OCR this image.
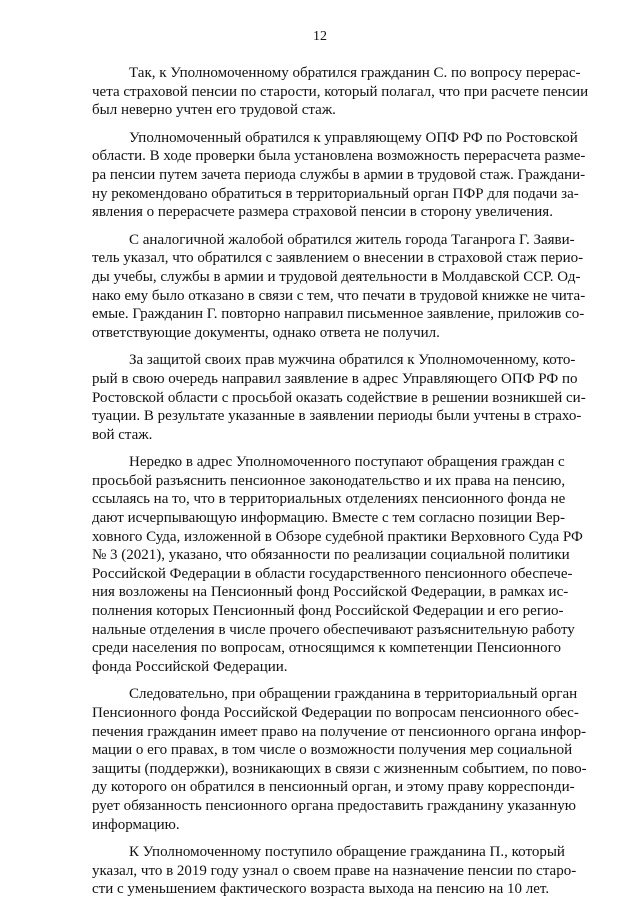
12

Так, к Уполномоченному обратился гражданин С. по вопросу перерас-
чета страховой пенсии по старости, который полагал, что при расчете пенсии
был неверно учтен его трудовой стаж.

Уполномоченный обратился к управляющему ОПФ РФ по Ростовской
области. В ходе проверки была установлена возможность перерасчета разме-
ра пенсии путем зачета периода службы в армии в трудовой стаж. Граждани-
ну рекомендовано обратиться в территориальный орган ПФР для подачи за-
явления о перерасчете размера страховой пенсии в сторону увеличения.

С аналогичной жалобой обратился житель города Таганрога Г. Заяви-
тель указал, что обратился с заявлением о внесении в страховой стаж перио-
ды учебы, службы в армии и трудовой деятельности в Молдавской ССР. Од-
нако ему было отказано в связи с тем, что печати в трудовой книжке не чита-
емые. Гражданин Г. повторно направил письменное заявление, приложив со-
ответствующие документы, однако ответа не получил.

За защитой своих прав мужчина обратился к Уполномоченному, кото-
рый в свою очередь направил заявление в адрес Управляющего ОПФ РФ по
Ростовской области с просьбой оказать содействие в решении возникшей си-
туации. В результате указанные в заявлении периоды были учтены в страхо-
вой стаж.

Нередко в адрес Уполномоченного поступают обращения граждан с
просьбой разъяснить пенсионное законодательство и их права на пенсию,
ссылаясь на то, что в территориальных отделениях пенсионного фонда не
дают исчерпывающую информацию. Вместе с тем согласно позиции Вер-
ховного Суда, изложенной в Обзоре судебной практики Верховного Суда РФ
№ 3 (2021), указано, что обязанности по реализации социальной политики
Российской Федерации в области государственного пенсионного обеспече-
ния возложены на Пенсионный фонд Российской Федерации, в рамках ис-
полнения которых Пенсионный фонд Российской Федерации и его регио-
нальные отделения в числе прочего обеспечивают разъяснительную работу
среди населения по вопросам, относящимся к компетенции Пенсионного
фонда Российской Федерации.

Следовательно, при обращении гражданина в территориальный орган
Пенсионного фонда Российской Федерации по вопросам пенсионного обес-
печения гражданин имеет право на получение от пенсионного органа инфор-
мации о его правах, в том числе о возможности получения мер социальной
защиты (поддержки), возникающих в связи с жизненным событием, по пово-
ду которого он обратился в пенсионный орган, и этому праву корреспонди-
рует обязанность пенсионного органа предоставить гражданину указанную
информацию.

К Уполномоченному поступило обращение гражданина П., который
указал, что в 2019 году узнал о своем праве на назначение пенсии по старо-
сти с уменьшением фактического возраста выхода на пенсию на 10 лет.
